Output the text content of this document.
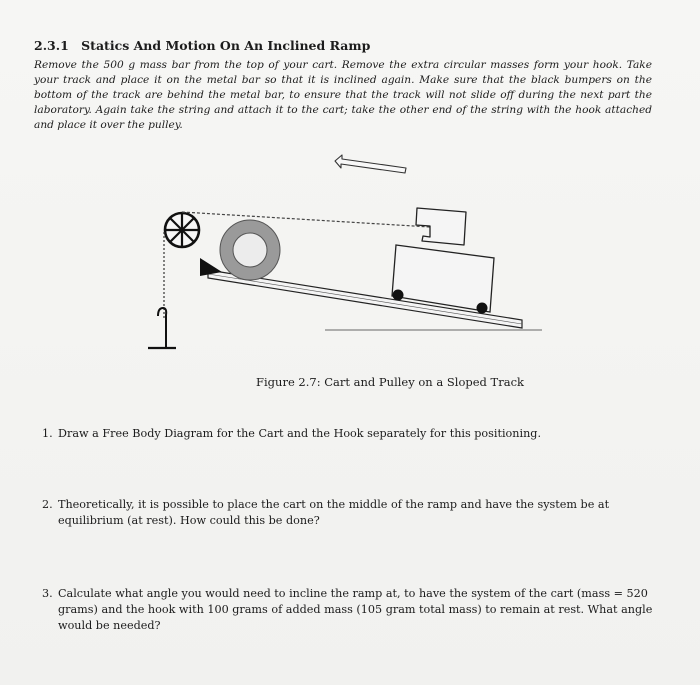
2.3.1 Statics And Motion On An Inclined Ramp
Remove the 500 g mass bar from the top of your cart. Remove the extra circular masses form your hook. Take your track and place it on the metal bar so that it is inclined again. Make sure that the black bumpers on the bottom of the track are behind the metal bar, to ensure that the track will not slide off during the next part the laboratory. Again take the string and attach it to the cart; take the other end of the string with the hook attached and place it over the pulley.
Figure 2.7: Cart and Pulley on a Sloped Track
1. Draw a Free Body Diagram for the Cart and the Hook separately for this positioning.
2. Theoretically, it is possible to place the cart on the middle of the ramp and have the system be at equilibrium (at rest). How could this be done?
3. Calculate what angle you would need to incline the ramp at, to have the system of the cart (mass = 520 grams) and the hook with 100 grams of added mass (105 gram total mass) to remain at rest. What angle would be needed?
